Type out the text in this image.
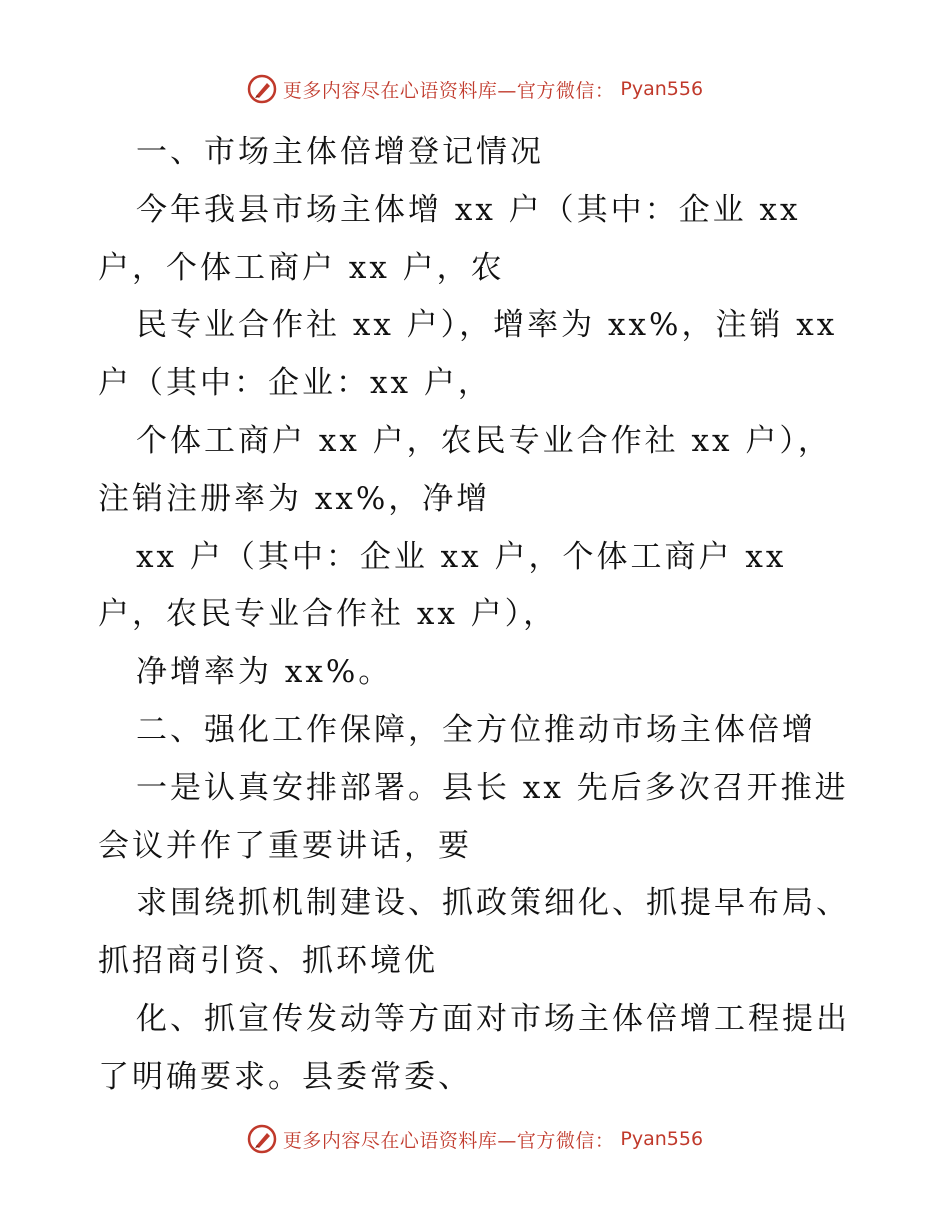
更多内容尽在心语资料库—官方微信： Pyan556
一、市场主体倍增登记情况
今年我县市场主体增 xx 户（其中：企业 xx
户，个体工商户 xx 户，农
民专业合作社 xx 户），增率为 xx%，注销 xx
户（其中：企业：xx 户，
个体工商户 xx 户，农民专业合作社 xx 户），
注销注册率为 xx%，净增
xx 户（其中：企业 xx 户，个体工商户 xx
户，农民专业合作社 xx 户），
净增率为 xx%。
二、强化工作保障，全方位推动市场主体倍增
一是认真安排部署。县长 xx 先后多次召开推进
会议并作了重要讲话，要
求围绕抓机制建设、抓政策细化、抓提早布局、
抓招商引资、抓环境优
化、抓宣传发动等方面对市场主体倍增工程提出
了明确要求。县委常委、
更多内容尽在心语资料库—官方微信： Pyan556
